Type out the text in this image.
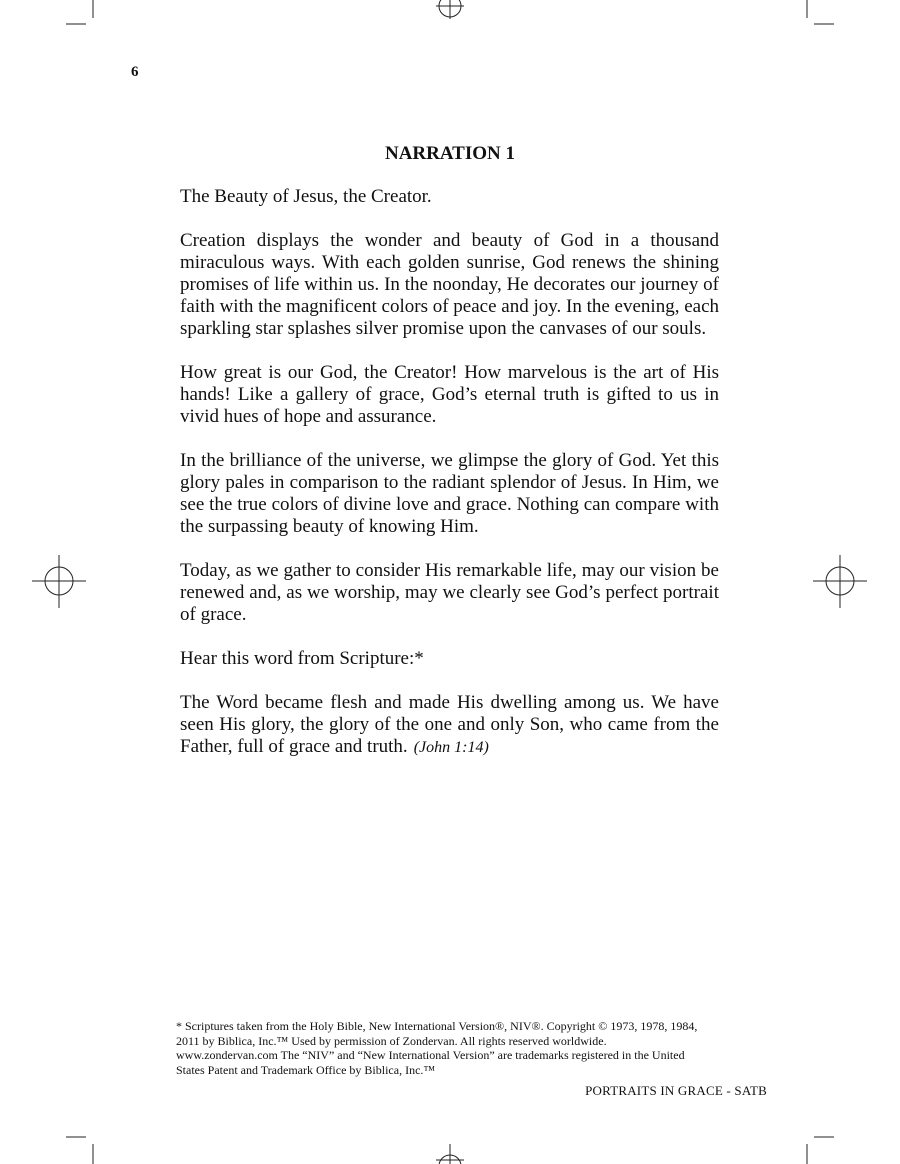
6
NARRATION 1

The Beauty of Jesus, the Creator.

Creation displays the wonder and beauty of God in a thousand miraculous ways. With each golden sunrise, God renews the shining promises of life within us. In the noonday, He decorates our journey of faith with the magnificent colors of peace and joy. In the evening, each sparkling star splashes silver promise upon the canvases of our souls.

How great is our God, the Creator! How marvelous is the art of His hands! Like a gallery of grace, God’s eternal truth is gifted to us in vivid hues of hope and assurance.

In the brilliance of the universe, we glimpse the glory of God. Yet this glory pales in comparison to the radiant splendor of Jesus. In Him, we see the true colors of divine love and grace. Nothing can compare with the surpassing beauty of knowing Him.

Today, as we gather to consider His remarkable life, may our vision be renewed and, as we worship, may we clearly see God’s perfect portrait of grace.

Hear this word from Scripture:*

The Word became flesh and made His dwelling among us. We have seen His glory, the glory of the one and only Son, who came from the Father, full of grace and truth. (John 1:14)

* Scriptures taken from the Holy Bible, New International Version®, NIV®. Copyright © 1973, 1978, 1984,
2011 by Biblica, Inc.™ Used by permission of Zondervan. All rights reserved worldwide.
www.zondervan.com The “NIV” and “New International Version” are trademarks registered in the United
States Patent and Trademark Office by Biblica, Inc.™
PORTRAITS IN GRACE - SATB
